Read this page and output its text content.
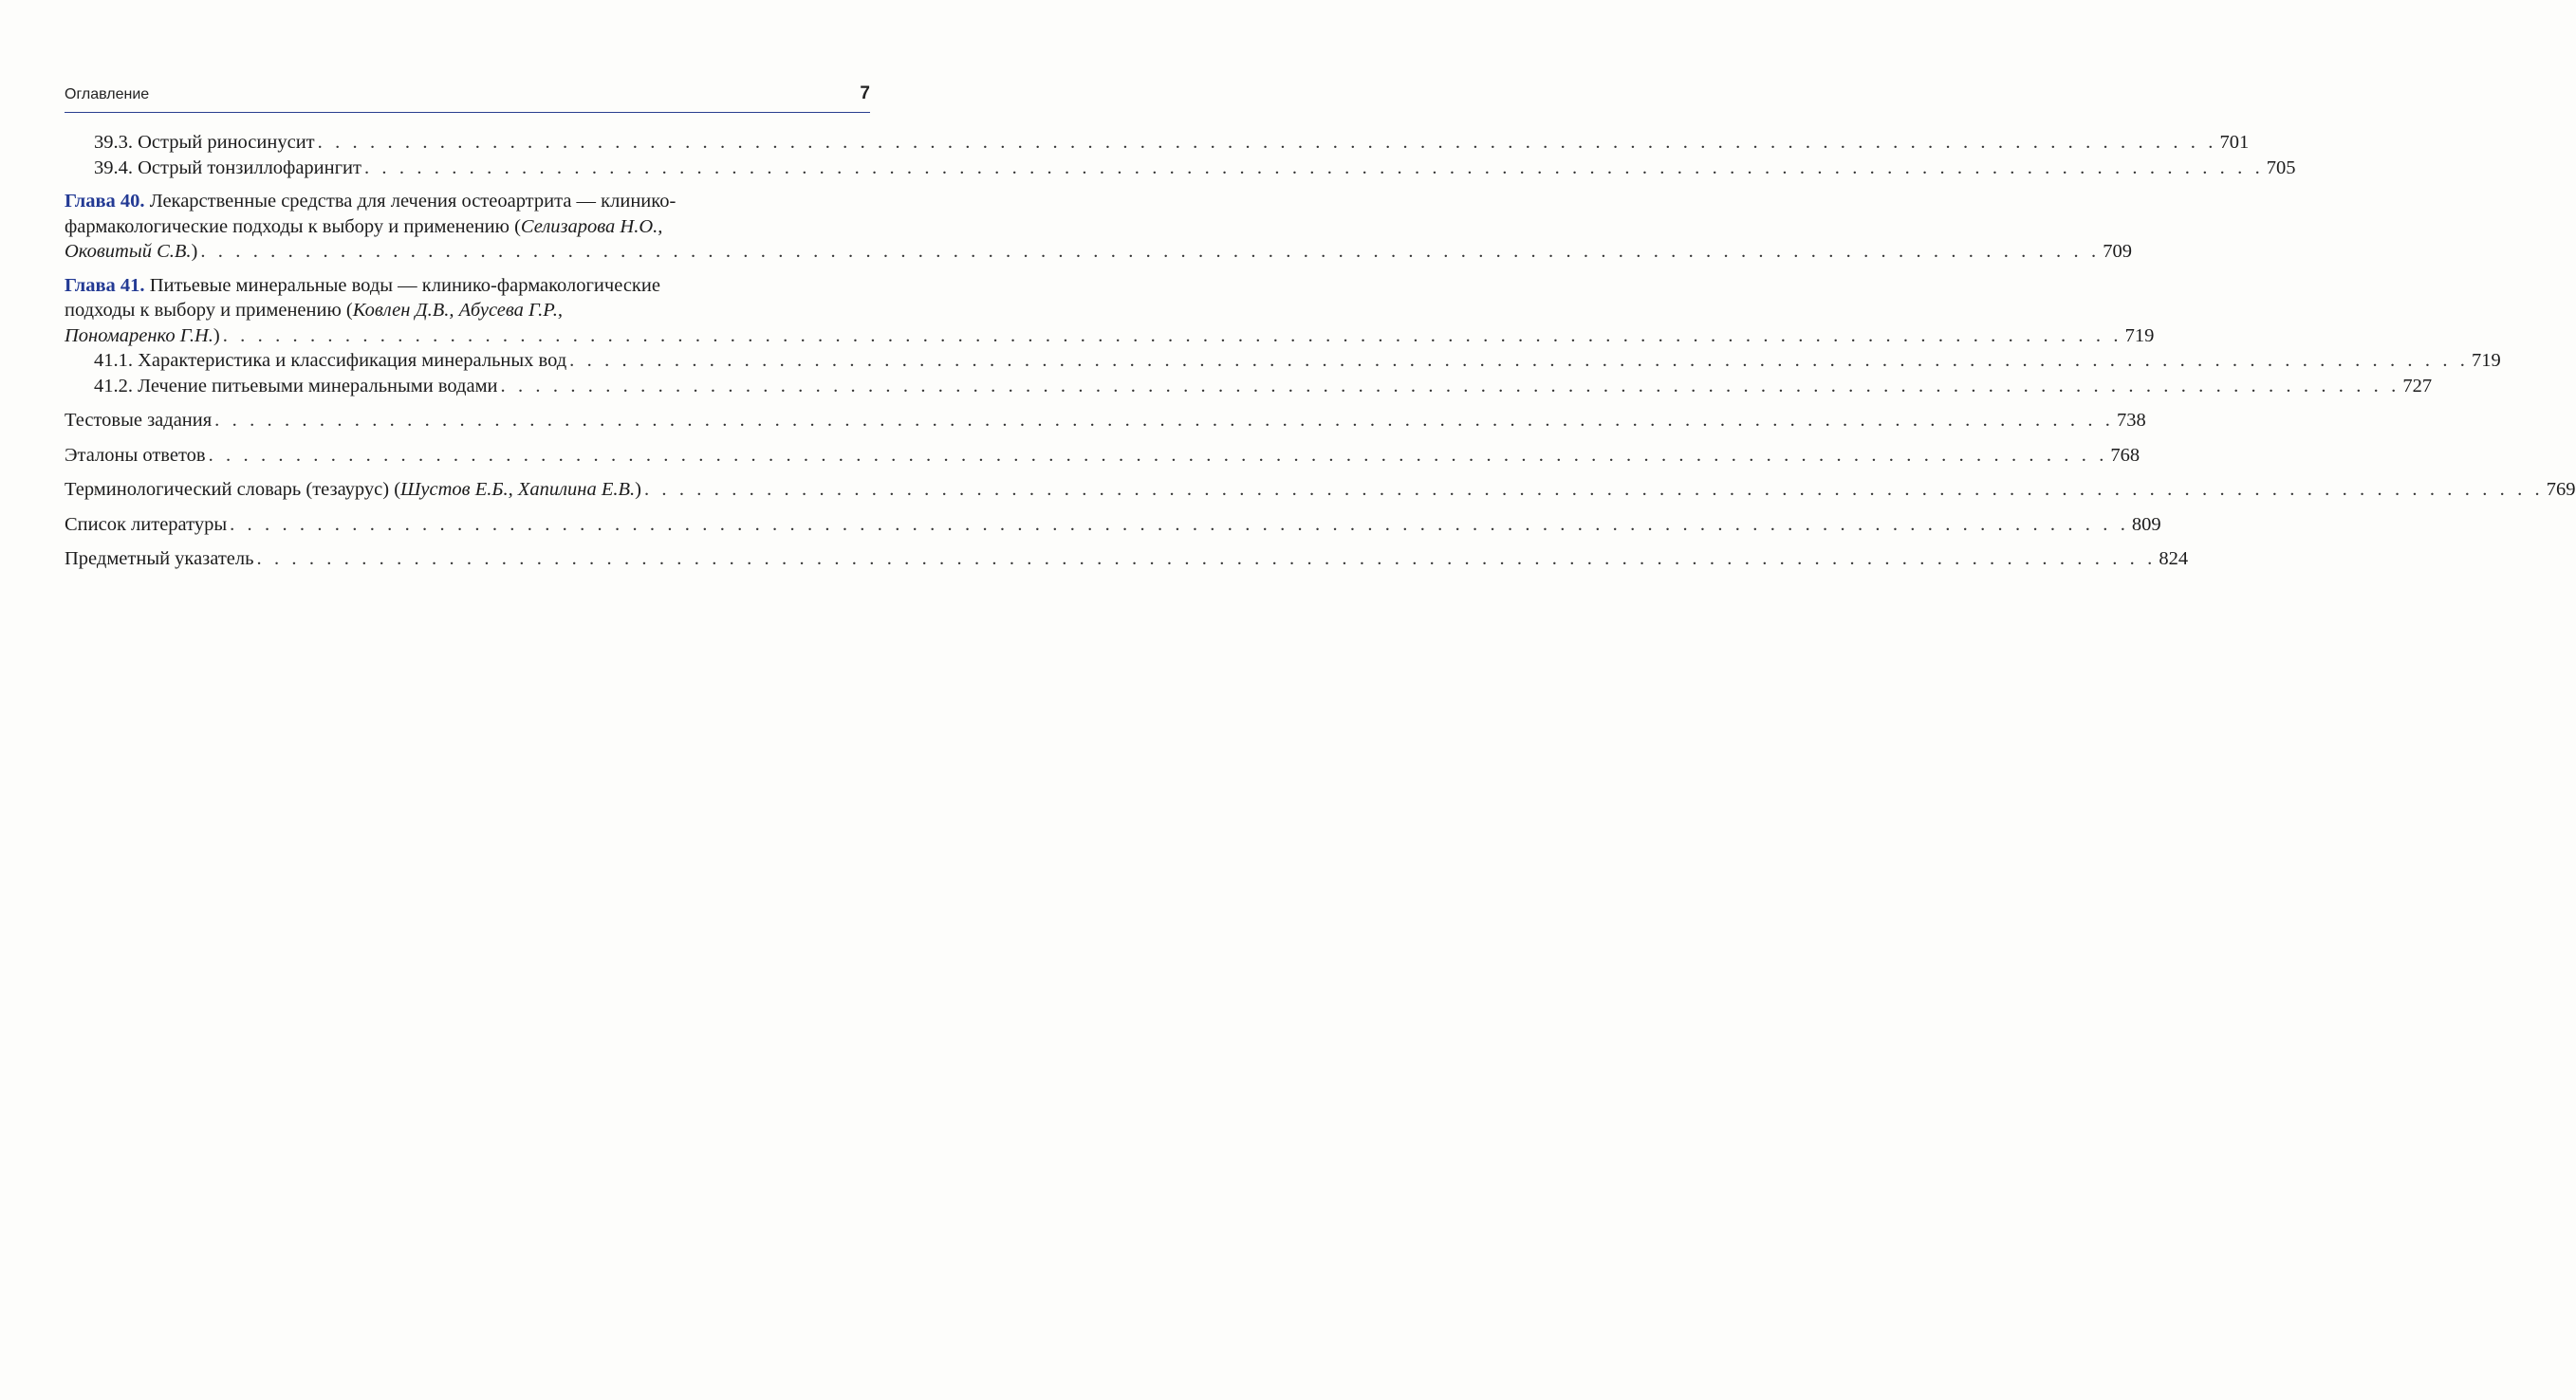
Оглавление	7
39.3. Острый риносинусит . . . . . . . . . . . . . . . . . . . . . . . . . . . . . . . . . . . . . . . . . . . . . . . . . . . . . . . . . . . . . . . . . . . . . . . . . . . . . . . . . . . . . . . . . . . . . . . . . . . . . . . . . . . . . 701
39.4. Острый тонзиллофарингит . . . . . . . . . . . . . . . . . . . . . . . . . . . . . . . . . . . . . . . . . . . . . . . . . . . . . . . . . . . . . . . . . . . . . . . . . . . . . . . . . . . . . . . . . . . . . . . . . . . . . . . . . . . . . 705
Глава 40. Лекарственные средства для лечения остеоартрита — клинико-
фармакологические подходы к выбору и применению (Селизарова Н.О.,
Оковитый С.В.) . . . . . . . . . . . . . . . . . . . . . . . . . . . . . . . . . . . . . . . . . . . . . . . . . . . . . . . . . . . . . . . . . . . . . . . . . . . . . . . . . . . . . . . . . . . . . . . . . . . . . . . . . . . . . 709
Глава 41. Питьевые минеральные воды — клинико-фармакологические
подходы к выбору и применению (Ковлен Д.В., Абусева Г.Р.,
Пономаренко Г.Н.) . . . . . . . . . . . . . . . . . . . . . . . . . . . . . . . . . . . . . . . . . . . . . . . . . . . . . . . . . . . . . . . . . . . . . . . . . . . . . . . . . . . . . . . . . . . . . . . . . . . . . . . . . . . . . 719
41.1. Характеристика и классификация минеральных вод . . . . . . . . . . . . . . . . . . . . . . . . . . . . . . . . . . . . . . . . . . . . . . . . . . . . . . . . . . . . . . . . . . . . . . . . . . . . . . . . . . . . . . . . . . . . . . . . . . . . . . . . . . . . . 719
41.2. Лечение питьевыми минеральными водами . . . . . . . . . . . . . . . . . . . . . . . . . . . . . . . . . . . . . . . . . . . . . . . . . . . . . . . . . . . . . . . . . . . . . . . . . . . . . . . . . . . . . . . . . . . . . . . . . . . . . . . . . . . . . 727
Тестовые задания . . . . . . . . . . . . . . . . . . . . . . . . . . . . . . . . . . . . . . . . . . . . . . . . . . . . . . . . . . . . . . . . . . . . . . . . . . . . . . . . . . . . . . . . . . . . . . . . . . . . . . . . . . . . . 738
Эталоны ответов . . . . . . . . . . . . . . . . . . . . . . . . . . . . . . . . . . . . . . . . . . . . . . . . . . . . . . . . . . . . . . . . . . . . . . . . . . . . . . . . . . . . . . . . . . . . . . . . . . . . . . . . . . . . . 768
Терминологический словарь (тезаурус) (Шустов Е.Б., Хапилина Е.В.) . . . . . . . . . . . . . . . . . . . . . . . . . . . . . . . . . . . . . . . . . . . . . . . . . . . . . . . . . . . . . . . . . . . . . . . . . . . . . . . . . . . . . . . . . . . . . . . . . . . . . . . . . . . . . 769
Список литературы . . . . . . . . . . . . . . . . . . . . . . . . . . . . . . . . . . . . . . . . . . . . . . . . . . . . . . . . . . . . . . . . . . . . . . . . . . . . . . . . . . . . . . . . . . . . . . . . . . . . . . . . . . . . . 809
Предметный указатель . . . . . . . . . . . . . . . . . . . . . . . . . . . . . . . . . . . . . . . . . . . . . . . . . . . . . . . . . . . . . . . . . . . . . . . . . . . . . . . . . . . . . . . . . . . . . . . . . . . . . . . . . . . . . 824
